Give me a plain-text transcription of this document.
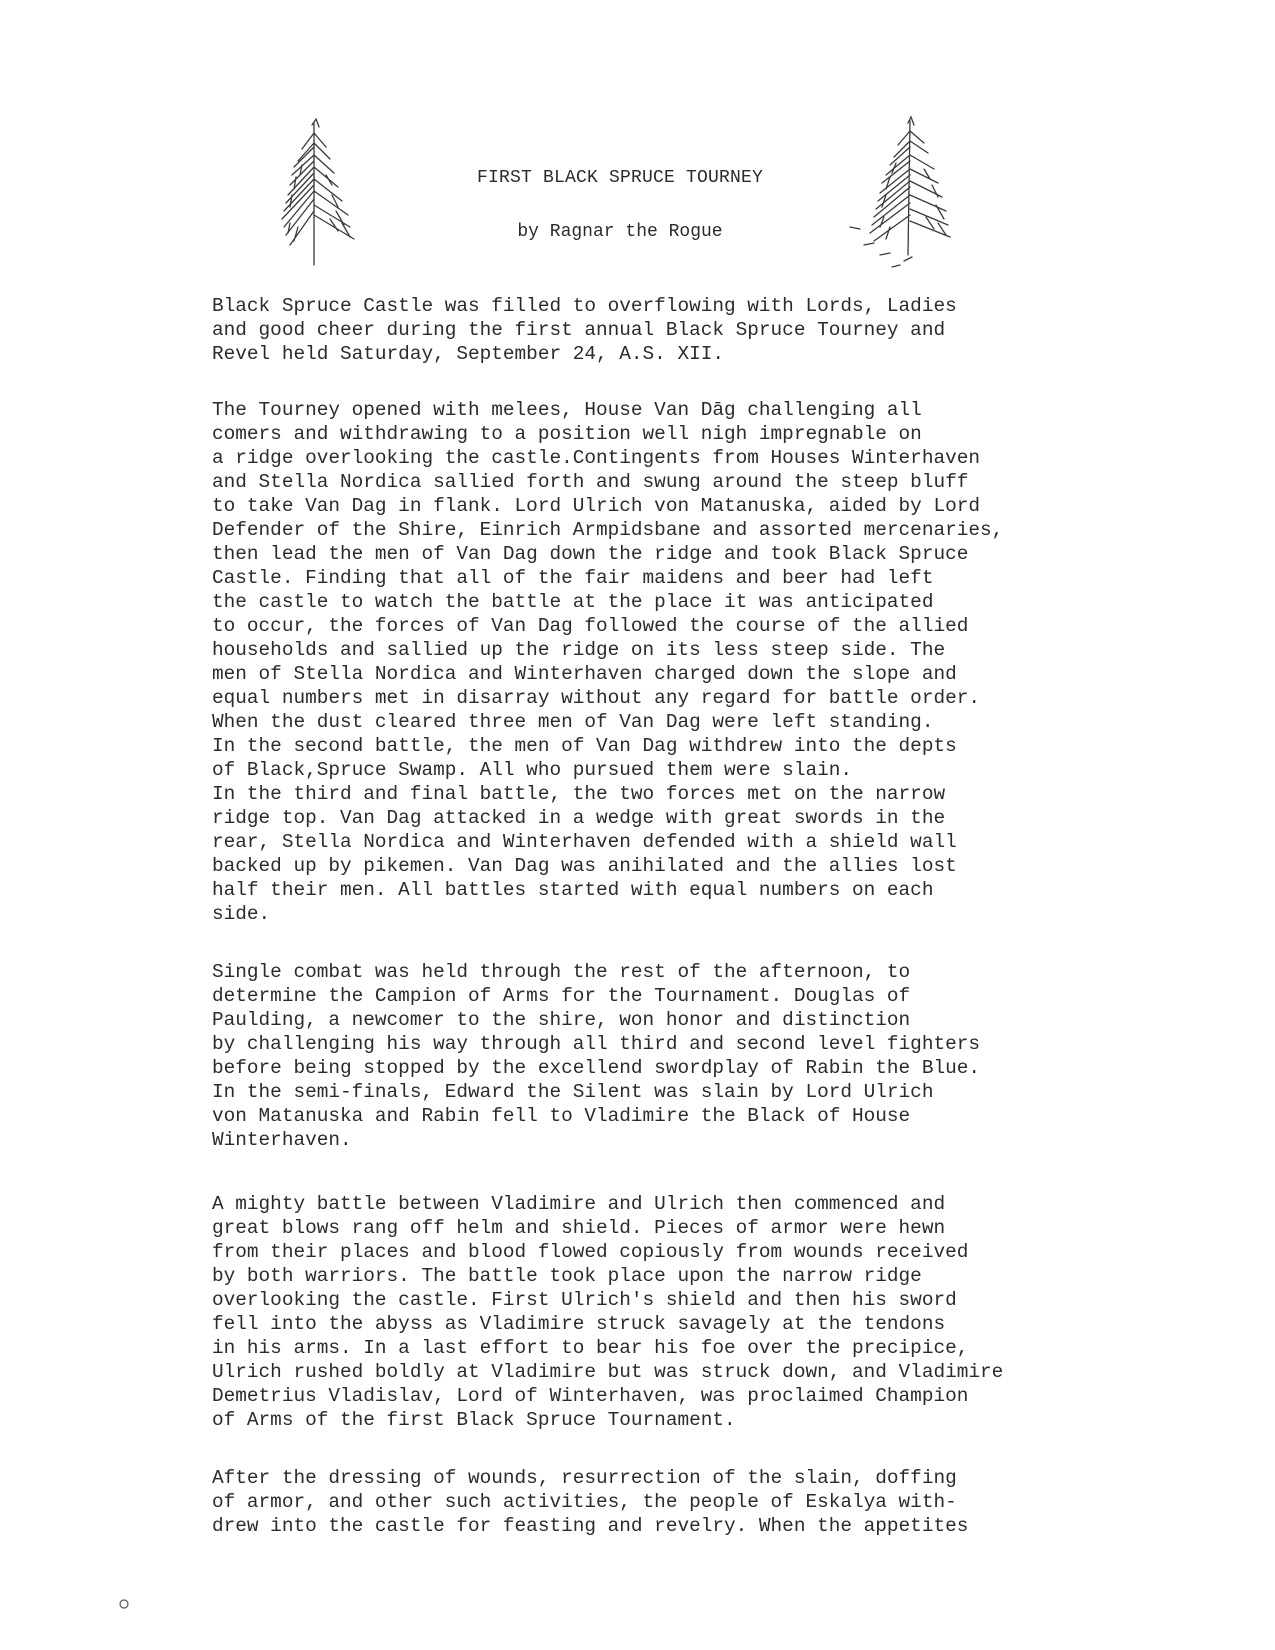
FIRST BLACK SPRUCE TOURNEY
by Ragnar the Rogue

Black Spruce Castle was filled to overflowing with Lords, Ladies
and good cheer during the first annual Black Spruce Tourney and
Revel held Saturday, September 24, A.S. XII.

The Tourney opened with melees, House Van Dāg challenging all
comers and withdrawing to a position well nigh impregnable on
a ridge overlooking the castle.Contingents from Houses Winterhaven
and Stella Nordica sallied forth and swung around the steep bluff
to take Van Dag in flank. Lord Ulrich von Matanuska, aided by Lord
Defender of the Shire, Einrich Armpidsbane and assorted mercenaries,
then lead the men of Van Dag down the ridge and took Black Spruce
Castle. Finding that all of the fair maidens and beer had left
the castle to watch the battle at the place it was anticipated
to occur, the forces of Van Dag followed the course of the allied
households and sallied up the ridge on its less steep side. The
men of Stella Nordica and Winterhaven charged down the slope and
equal numbers met in disarray without any regard for battle order.
When the dust cleared three men of Van Dag were left standing.
In the second battle, the men of Van Dag withdrew into the depts
of Black,Spruce Swamp. All who pursued them were slain.
In the third and final battle, the two forces met on the narrow
ridge top. Van Dag attacked in a wedge with great swords in the
rear, Stella Nordica and Winterhaven defended with a shield wall
backed up by pikemen. Van Dag was anihilated and the allies lost
half their men. All battles started with equal numbers on each
side.

Single combat was held through the rest of the afternoon, to
determine the Campion of Arms for the Tournament. Douglas of
Paulding, a newcomer to the shire, won honor and distinction
by challenging his way through all third and second level fighters
before being stopped by the excellend swordplay of Rabin the Blue.
In the semi-finals, Edward the Silent was slain by Lord Ulrich
von Matanuska and Rabin fell to Vladimire the Black of House
Winterhaven.

A mighty battle between Vladimire and Ulrich then commenced and
great blows rang off helm and shield. Pieces of armor were hewn
from their places and blood flowed copiously from wounds received
by both warriors. The battle took place upon the narrow ridge
overlooking the castle. First Ulrich's shield and then his sword
fell into the abyss as Vladimire struck savagely at the tendons
in his arms. In a last effort to bear his foe over the precipice,
Ulrich rushed boldly at Vladimire but was struck down, and Vladimire
Demetrius Vladislav, Lord of Winterhaven, was proclaimed Champion
of Arms of the first Black Spruce Tournament.

After the dressing of wounds, resurrection of the slain, doffing
of armor, and other such activities, the people of Eskalya with-
drew into the castle for feasting and revelry. When the appetites
